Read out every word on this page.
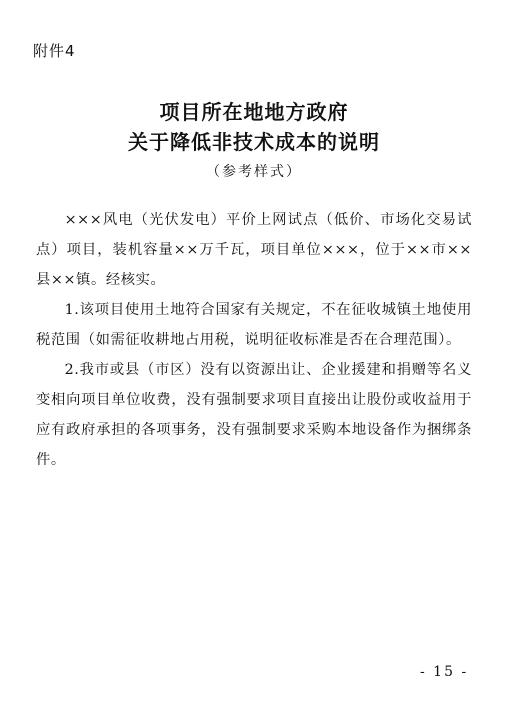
附件4
项目所在地地方政府
关于降低非技术成本的说明
（参考样式）

×××风电（光伏发电）平价上网试点（低价、市场化交易试点）项目，装机容量××万千瓦，项目单位×××，位于××市××县××镇。经核实。

1.该项目使用土地符合国家有关规定，不在征收城镇土地使用税范围（如需征收耕地占用税，说明征收标准是否在合理范围）。

2.我市或县（市区）没有以资源出让、企业援建和捐赠等名义变相向项目单位收费，没有强制要求项目直接出让股份或收益用于应有政府承担的各项事务，没有强制要求采购本地设备作为捆绑条件。

- 15 -
